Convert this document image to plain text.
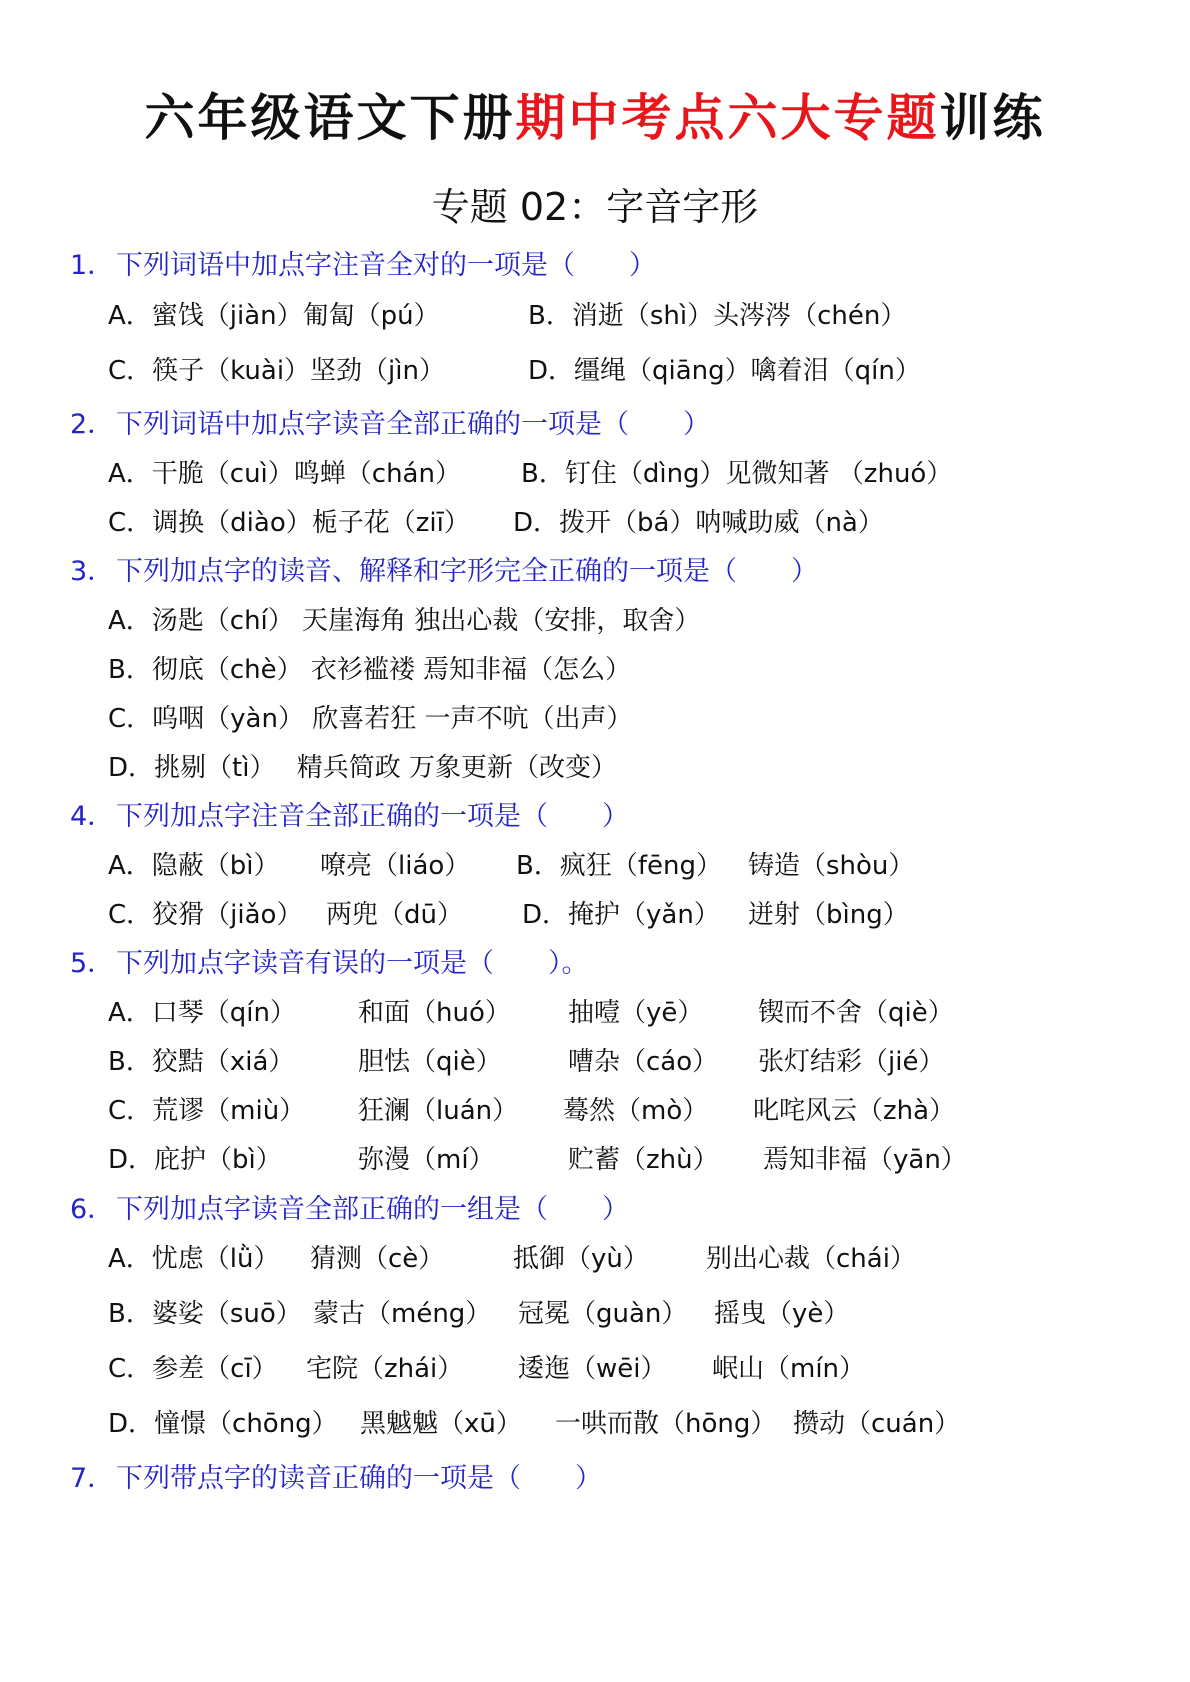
六年级语文下册期中考点六大专题训练
专题 02：字音字形
1．下列词语中加点字注音全对的一项是（　　）
A．蜜饯（jiàn）匍匐（pú）	B．消逝（shì）头涔涔（chén）
C．筷子（kuài）坚劲（jìn）	D．缰绳（qiāng）噙着泪（qín）
2．下列词语中加点字读音全部正确的一项是（　　）
A．干脆（cuì）鸣蝉（chán） B．钉住（dìng）见微知著 （zhuó）
C．调换（diào）栀子花（ziī） D．拨开（bá）呐喊助威（nà）
3．下列加点字的读音、解释和字形完全正确的一项是（　　）
A．汤匙（chí） 天崖海角 独出心裁（安排，取舍）
B．彻底（chè） 衣衫褴褛 焉知非福（怎么）
C．呜咽（yàn） 欣喜若狂 一声不吭（出声）
D．挑剔（tì）　 精兵简政 万象更新（改变）
4．下列加点字注音全部正确的一项是（　　）
A．隐蔽（bì） 嘹亮（liáo） B．疯狂（fēng） 铸造（shòu）
C．狡猾（jiǎo） 两兜（dū） D．掩护（yǎn） 迸射（bìng）
5．下列加点字读音有误的一项是（　　）。
A．口琴（qín） 和面（huó） 抽噎（yē） 锲而不舍（qiè）
B．狡黠（xiá） 胆怯（qiè）	嘈杂（cáo） 张灯结彩（jié）
C．荒谬（miù） 狂澜（luán） 蓦然（mò） 叱咤风云（zhà）
D．庇护（bì）	弥漫（mí）	贮蓄（zhù） 焉知非福（yān）
6．下列加点字读音全部正确的一组是（　　）
A．忧虑（lǜ） 猜测（cè）	抵御（yù） 别出心裁（chái）
B．婆娑（suō） 蒙古（méng） 冠冕（guàn） 摇曳（yè）
C．参差（cī） 宅院（zhái） 逶迤（wēi） 岷山（mín）
D．憧憬（chōng） 黑魆魆（xū） 一哄而散（hōng） 攒动（cuán）
7．下列带点字的读音正确的一项是（　　）
